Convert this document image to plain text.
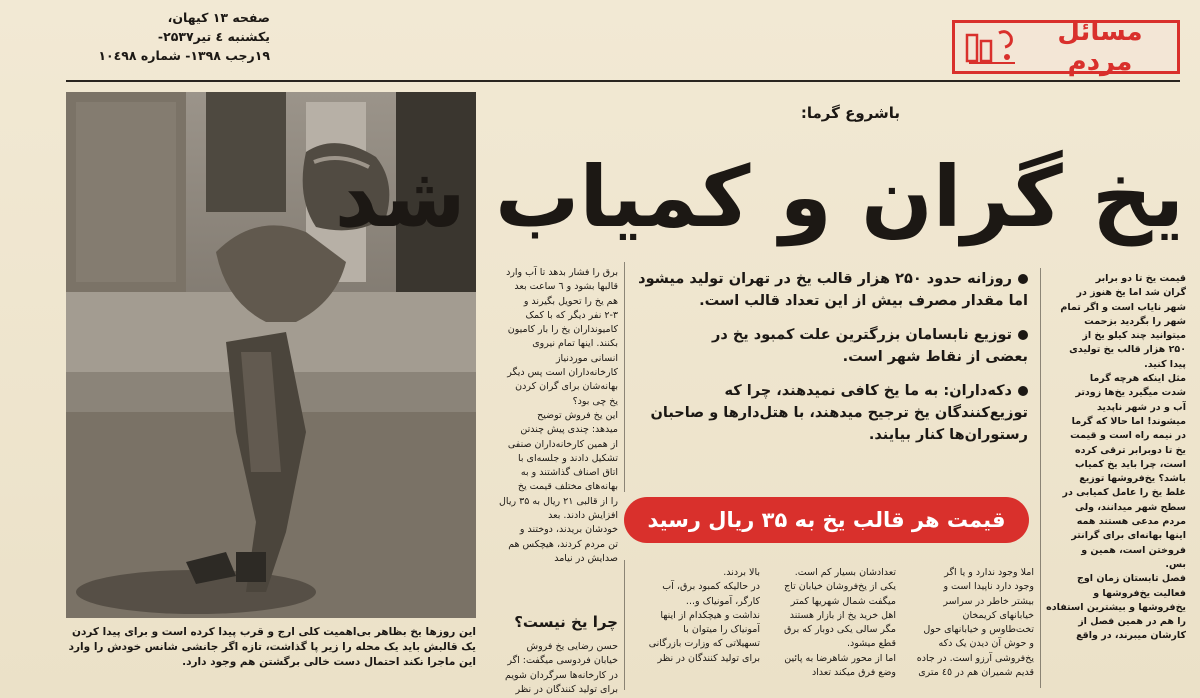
صفحه ۱۳ کیهان،
یکشنبه ٤ تیر۲۵۳۷-
۱۹رجب ۱۳۹۸- شماره ۱۰٤۹۸
مسائل مردم
این روزها یخ بظاهر بی‌اهمیت کلی ارج و قرب پیدا کرده است و برای پیدا کردن
یک قالبش باید یک محله را زیر پا گذاشت، تازه اگر جانشی شانس خودش را وارد
این ماجرا نکند احتمال دست خالی برگشتن هم وجود دارد.
باشروع گرما:
یخ گران و کمیاب شد
روزانه حدود ۲۵۰ هزار قالب یخ در تهران تولید میشود
اما مقدار مصرف بیش از این تعداد قالب است.
توزیع نابسامان بزرگترین علت کمبود یخ در
بعضی از نقاط شهر است.
دکه‌داران: به ما یخ کافی نمیدهند، چرا که
توزیع‌کنندگان یخ ترجیح میدهند، با هتل‌دارها و صاحبان
رستوران‌ها کنار بیایند.
قیمت هر قالب یخ به ۳۵ ریال رسید
قیمت یخ تا دو برابر
گران شد اما یخ هنوز در
شهر نایاب است و اگر تمام
شهر را بگردید بزحمت
میتوانید چند کیلو یخ از
۲۵۰ هزار قالب یخ تولیدی
پیدا کنید.
مثل اینکه هرچه گرما
شدت میگیرد یخ‌ها زودتر
آب و در شهر ناپدید
میشوند! اما حالا که گرما
در نیمه راه است و قیمت
یخ تا دوبرابر ترقی کرده
است، چرا باید یخ کمیاب
باشد؟ یخ‌فروشها توزیع
غلط یخ را عامل کمیابی در
سطح شهر میدانند، ولی
مردم مدعی هستند همه
اینها بهانه‌ای برای گرانتر
فروختن است، همین و
بس.
فصل تابستان زمان اوج
فعالیت یخ‌فروشها و
یخ‌فروشها و بیشترین استفاده
را هم در همین فصل از
کارشان میبرند، در واقع
برق را فشار بدهد تا آب وارد
قالبها بشود و ٦ ساعت بعد
هم یخ را تحویل بگیرند و
۲-۳ نفر دیگر که با کمک
کامیونداران یخ را بار کامیون
بکنند. اینها تمام نیروی
انسانی موردنیاز
کارخانه‌داران است پس دیگر
بهانه‌شان برای گران کردن
یخ چی بود؟
این یخ فروش توضیح
میدهد: چندی پیش چندتن
از همین کارخانه‌داران صنفی
تشکیل دادند و جلسه‌ای با
اتاق اصناف گذاشتند و به
بهانه‌های مختلف قیمت یخ
را از قالبی ۲۱ ریال به ۳۵ ریال
افزایش دادند. بعد
خودشان بریدند، دوختند و
تن مردم کردند، هیچکس هم
صدایش در نیامد
چرا یخ نیست؟
املا وجود ندارد و یا اگر
وجود دارد ناپیدا است و
بیشتر خاطر در سراسر
خیابانهای کریمخان
تخت‌طاوس و خیابانهای حول
و حوش آن دیدن یک دکه
یخ‌فروشی آرزو است. در جاده
قدیم شمیران هم در ٤٥ متری
تعدادشان بسیار کم است.
یکی از یخ‌فروشان خیابان تاج
میگفت شمال شهریها کمتر
اهل خرید یخ از بازار هستند
مگر سالی یکی دوبار که برق
قطع میشود.
اما از محور شاهرضا به پائین
وضع فرق میکند تعداد
بالا بردند.
در حالیکه کمبود برق، آب
کارگر، آمونیاک و...
نداشت و هیچکدام از اینها
آمونیاک را میتوان با
تسهیلاتی که وزارت بازرگانی
برای تولید کنندگان در نظر
حسن رضایی یخ فروش
خیابان فردوسی میگفت: اگر
در کارخانه‌ها سرگردان شویم
برای تولید کنندگان در نظر
